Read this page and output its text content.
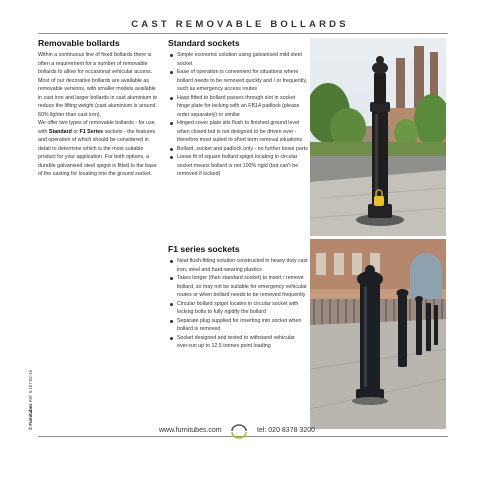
CAST REMOVABLE BOLLARDS
Removable bollards

Within a continuous line of fixed bollards there is often a requirement for a number of removable bollards to allow for occasional vehicular access. Most of our decorative bollards are available as removable versions, with smaller models available in cast iron and larger bollards in cast aluminium to reduce the lifting weight (cast aluminium is around 60% lighter than cast iron).

We offer two types of removable bollards - for use with Standard or F1 Series sockets - the features and operation of which should be considered in detail to determine which is the most suitable product for your application. For both options, a durable galvanised steel spigot is fitted to the base of the casting for locating into the ground socket.

Standard sockets
Simple economic solution using galvanised mild steel socket
Ease of operation is convenient for situations where bollard needs to be removed quickly and / or frequently, such as emergency access routes
Hasp fitted to bollard passes through slot in socket hinge plate for locking with an FB14 padlock (please order separately) or similar
Hinged cover plate sits flush to finished ground level when closed but is not designed to be driven over - therefore most suited to short term removal situations
Bollard, socket and padlock only - no further loose parts
Loose fit of square bollard spigot locating in circular socket means bollard is not 100% rigid (but can't be removed if locked)
F1 series sockets
Neat flush-fitting solution constructed in heavy duty cast iron, steel and hard-wearing plastics
Takes longer (than standard socket) to insert / remove bollard, so may not be suitable for emergency vehicular routes or when bollard needs to be removed frequently
Circular bollard spigot locates in circular socket with locking bolts to fully rigidify the bollard
Separate plug supplied for inserting into socket when bollard is removed
Socket designed and tested to withstand vehicular over-run up to 12.5 tonnes point loading
© Furnitubes Ref: 5.107-02-16
www.furnitubes.com	tel: 020 8378 3200
